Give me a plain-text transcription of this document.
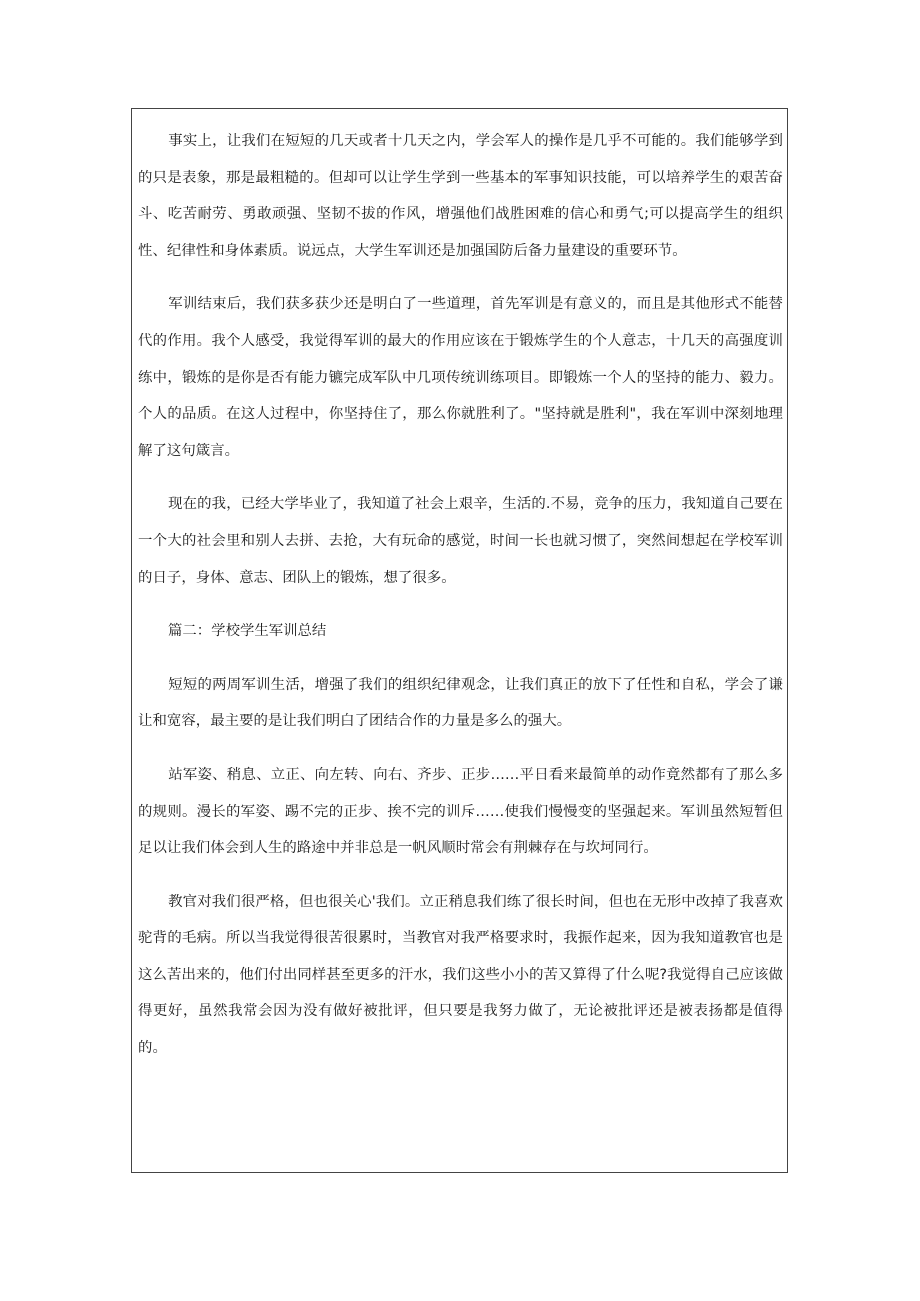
事实上，让我们在短短的几天或者十几天之内，学会军人的操作是几乎不可能的。我们能够学到的只是表象，那是最粗糙的。但却可以让学生学到一些基本的军事知识技能，可以培养学生的艰苦奋斗、吃苦耐劳、勇敢顽强、坚韧不拔的作风，增强他们战胜困难的信心和勇气;可以提高学生的组织性、纪律性和身体素质。说远点，大学生军训还是加强国防后备力量建设的重要环节。

军训结束后，我们获多获少还是明白了一些道理，首先军训是有意义的，而且是其他形式不能替代的作用。我个人感受，我觉得军训的最大的作用应该在于锻炼学生的个人意志，十几天的高强度训练中，锻炼的是你是否有能力镳完成军队中几项传统训练项目。即锻炼一个人的坚持的能力、毅力。个人的品质。在这人过程中，你坚持住了，那么你就胜利了。"坚持就是胜利"，我在军训中深刻地理解了这句箴言。

现在的我，已经大学毕业了，我知道了社会上艰辛，生活的.不易，竞争的压力，我知道自己要在一个大的社会里和别人去拼、去抢，大有玩命的感觉，时间一长也就习惯了，突然间想起在学校军训的日子，身体、意志、团队上的锻炼，想了很多。

篇二：学校学生军训总结

短短的两周军训生活，增强了我们的组织纪律观念，让我们真正的放下了任性和自私，学会了谦让和宽容，最主要的是让我们明白了团结合作的力量是多么的强大。

站军姿、稍息、立正、向左转、向右、齐步、正步……平日看来最简单的动作竟然都有了那么多的规则。漫长的军姿、踢不完的正步、挨不完的训斥……使我们慢慢变的坚强起来。军训虽然短暂但足以让我们体会到人生的路途中并非总是一帆风顺时常会有荆棘存在与坎坷同行。

教官对我们很严格，但也很关心'我们。立正稍息我们练了很长时间，但也在无形中改掉了我喜欢驼背的毛病。所以当我觉得很苦很累时，当教官对我严格要求时，我振作起来，因为我知道教官也是这么苦出来的，他们付出同样甚至更多的汗水，我们这些小小的苦又算得了什么呢?我觉得自己应该做得更好，虽然我常会因为没有做好被批评，但只要是我努力做了，无论被批评还是被表扬都是值得的。
